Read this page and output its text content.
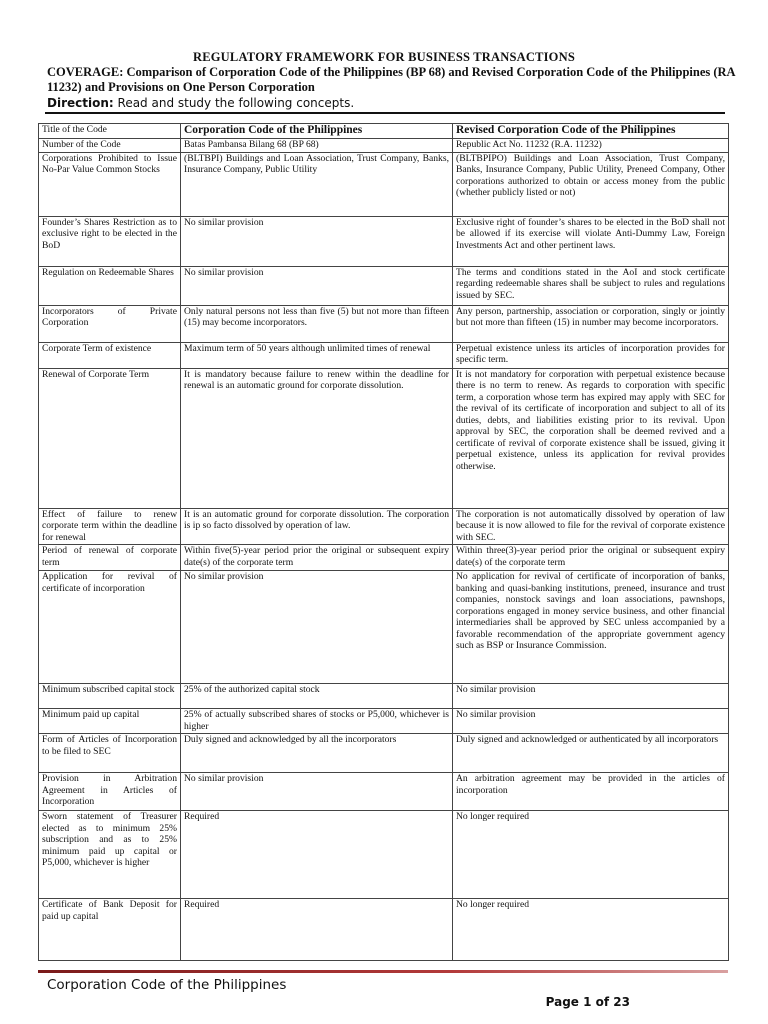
REGULATORY FRAMEWORK FOR BUSINESS TRANSACTIONS
COVERAGE: Comparison of Corporation Code of the Philippines (BP 68) and Revised Corporation Code of the Philippines (RA 11232) and Provisions on One Person Corporation
Direction: Read and study the following concepts.
Title of the Code	Corporation Code of the Philippines	Revised Corporation Code of the Philippines
Number of the Code	Batas Pambansa Bilang 68 (BP 68)	Republic Act No. 11232 (R.A. 11232)
Corporations Prohibited to Issue No-Par Value Common Stocks	(BLTBPI) Buildings and Loan Association, Trust Company, Banks, Insurance Company, Public Utility	(BLTBPIPO) Buildings and Loan Association, Trust Company, Banks, Insurance Company, Public Utility, Preneed Company, Other corporations authorized to obtain or access money from the public (whether publicly listed or not)
Founder’s Shares Restriction as to exclusive right to be elected in the BoD	No similar provision	Exclusive right of founder’s shares to be elected in the BoD shall not be allowed if its exercise will violate Anti-Dummy Law, Foreign Investments Act and other pertinent laws.
Regulation on Redeemable Shares	No similar provision	The terms and conditions stated in the AoI and stock certificate regarding redeemable shares shall be subject to rules and regulations issued by SEC.
Incorporators of Private Corporation	Only natural persons not less than five (5) but not more than fifteen (15) may become incorporators.	Any person, partnership, association or corporation, singly or jointly but not more than fifteen (15) in number may become incorporators.
Corporate Term of existence	Maximum term of 50 years although unlimited times of renewal	Perpetual existence unless its articles of incorporation provides for specific term.
Renewal of Corporate Term	It is mandatory because failure to renew within the deadline for renewal is an automatic ground for corporate dissolution.	It is not mandatory for corporation with perpetual existence because there is no term to renew. As regards to corporation with specific term, a corporation whose term has expired may apply with SEC for the revival of its certificate of incorporation and subject to all of its duties, debts, and liabilities existing prior to its revival. Upon approval by SEC, the corporation shall be deemed revived and a certificate of revival of corporate existence shall be issued, giving it perpetual existence, unless its application for revival provides otherwise.
Effect of failure to renew corporate term within the deadline for renewal	It is an automatic ground for corporate dissolution. The corporation is ip so facto dissolved by operation of law.	The corporation is not automatically dissolved by operation of law because it is now allowed to file for the revival of corporate existence with SEC.
Period of renewal of corporate term	Within five(5)-year period prior the original or subsequent expiry date(s) of the corporate term	Within three(3)-year period prior the original or subsequent expiry date(s) of the corporate term
Application for revival of certificate of incorporation	No similar provision	No application for revival of certificate of incorporation of banks, banking and quasi-banking institutions, preneed, insurance and trust companies, nonstock savings and loan associations, pawnshops, corporations engaged in money service business, and other financial intermediaries shall be approved by SEC unless accompanied by a favorable recommendation of the appropriate government agency such as BSP or Insurance Commission.
Minimum subscribed capital stock	25% of the authorized capital stock	No similar provision
Minimum paid up capital	25% of actually subscribed shares of stocks or P5,000, whichever is higher	No similar provision
Form of Articles of Incorporation to be filed to SEC	Duly signed and acknowledged by all the incorporators	Duly signed and acknowledged or authenticated by all incorporators
Provision in Arbitration Agreement in Articles of Incorporation	No similar provision	An arbitration agreement may be provided in the articles of incorporation
Sworn statement of Treasurer elected as to minimum 25% subscription and as to 25% minimum paid up capital or P5,000, whichever is higher	Required	No longer required
Certificate of Bank Deposit for paid up capital	Required	No longer required
Corporation Code of the Philippines
Page 1 of 23
